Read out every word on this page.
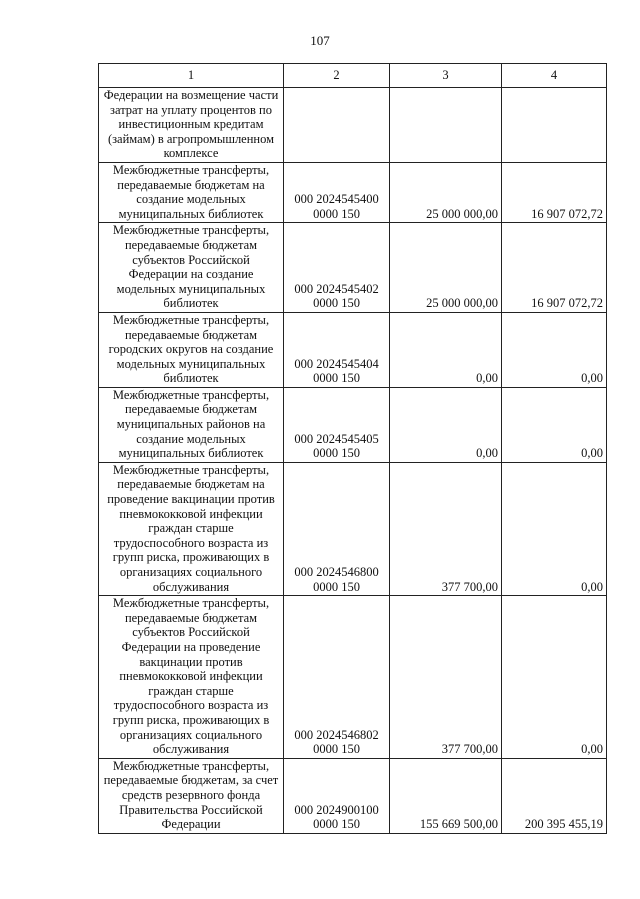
107
1	2	3	4
Федерации на возмещение части затрат на уплату процентов по инвестиционным кредитам (займам) в агропромышленном комплексе			
Межбюджетные трансферты, передаваемые бюджетам на создание модельных муниципальных библиотек	000 2024545400 0000 150	25 000 000,00	16 907 072,72
Межбюджетные трансферты, передаваемые бюджетам субъектов Российской Федерации на создание модельных муниципальных библиотек	000 2024545402 0000 150	25 000 000,00	16 907 072,72
Межбюджетные трансферты, передаваемые бюджетам городских округов на создание модельных муниципальных библиотек	000 2024545404 0000 150	0,00	0,00
Межбюджетные трансферты, передаваемые бюджетам муниципальных районов на создание модельных муниципальных библиотек	000 2024545405 0000 150	0,00	0,00
Межбюджетные трансферты, передаваемые бюджетам на проведение вакцинации против пневмококковой инфекции граждан старше трудоспособного возраста из групп риска, проживающих в организациях социального обслуживания	000 2024546800 0000 150	377 700,00	0,00
Межбюджетные трансферты, передаваемые бюджетам субъектов Российской Федерации на проведение вакцинации против пневмококковой инфекции граждан старше трудоспособного возраста из групп риска, проживающих в организациях социального обслуживания	000 2024546802 0000 150	377 700,00	0,00
Межбюджетные трансферты, передаваемые бюджетам, за счет средств резервного фонда Правительства Российской Федерации	000 2024900100 0000 150	155 669 500,00	200 395 455,19
